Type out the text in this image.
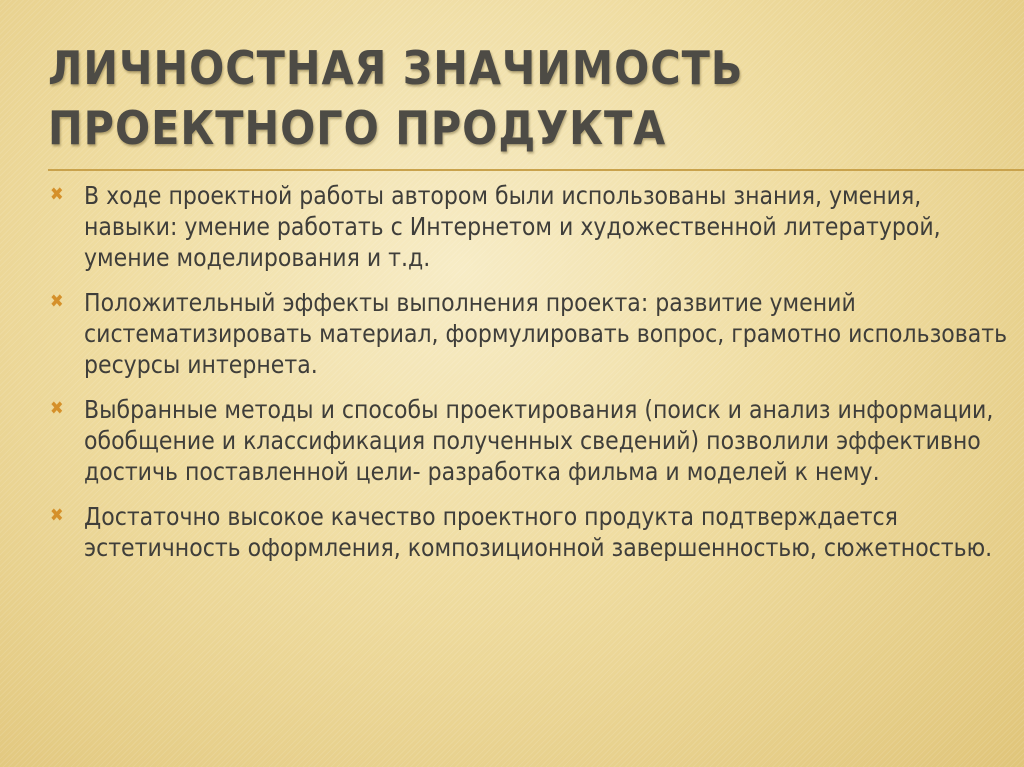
ЛИЧНОСТНАЯ ЗНАЧИМОСТЬ ПРОЕКТНОГО ПРОДУКТА
✖ В ходе проектной работы автором были использованы знания, умения, навыки: умение работать с Интернетом и художественной литературой, умение моделирования и т.д.
✖ Положительный эффекты выполнения проекта: развитие умений систематизировать материал, формулировать вопрос, грамотно использовать ресурсы интернета.
✖ Выбранные методы и способы проектирования (поиск и анализ информации, обобщение и классификация полученных сведений) позволили эффективно достичь поставленной цели- разработка фильма и моделей к нему.
✖ Достаточно высокое качество проектного продукта подтверждается эстетичность оформления, композиционной завершенностью, сюжетностью.
